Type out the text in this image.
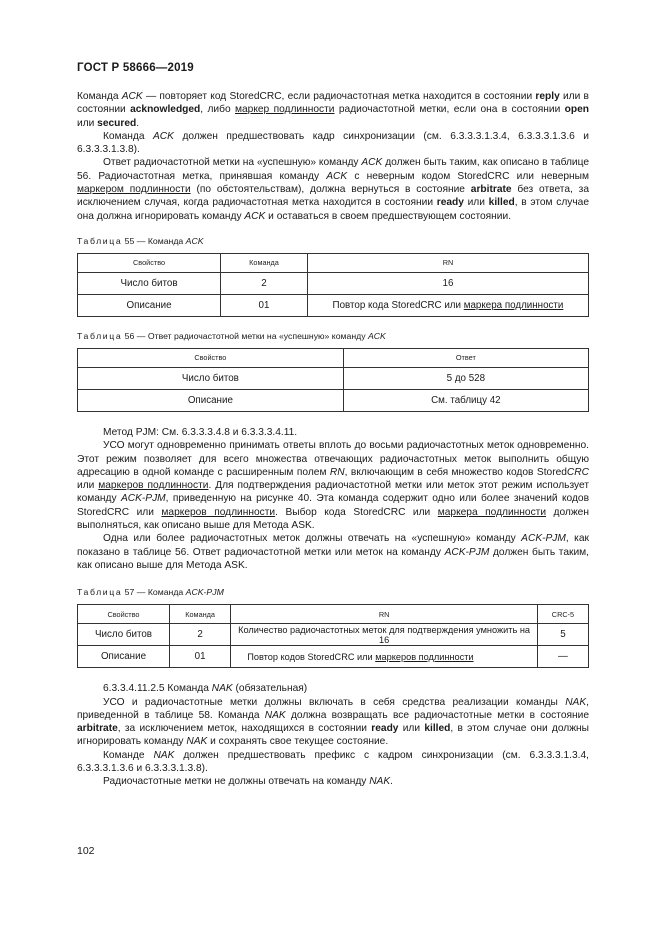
ГОСТ Р 58666—2019

Команда ACK — повторяет код StoredCRC, если радиочастотная метка находится в состоянии reply или в состоянии acknowledged, либо маркер подлинности радиочастотной метки, если она в состоянии open или secured.

Команда ACK должен предшествовать кадр синхронизации (см. 6.3.3.3.1.3.4, 6.3.3.3.1.3.6 и 6.3.3.3.1.3.8).

Ответ радиочастотной метки на «успешную» команду ACK должен быть таким, как описано в таблице 56. Радиочастотная метка, принявшая команду ACK с неверным кодом StoredCRC или неверным маркером подлинности (по обстоятельствам), должна вернуться в состояние arbitrate без ответа, за исключением случая, когда радиочастотная метка находится в состоянии ready или killed, в этом случае она должна игнорировать команду ACK и оставаться в своем предшествующем состоянии.

Таблица 55 — Команда ACK

Свойство	Команда	RN
Число битов	2	16
Описание	01	Повтор кода StoredCRC или маркера подлинности

Таблица 56 — Ответ радиочастотной метки на «успешную» команду ACK

Свойство	Ответ
Число битов	5 до 528
Описание	См. таблицу 42

Метод PJM: См. 6.3.3.3.4.8 и 6.3.3.3.4.11.

УСО могут одновременно принимать ответы вплоть до восьми радиочастотных меток одновременно. Этот режим позволяет для всего множества отвечающих радиочастотных меток выполнить общую адресацию в одной команде с расширенным полем RN, включающим в себя множество кодов StoredCRC или маркеров подлинности. Для подтверждения радиочастотной метки или меток этот режим использует команду ACK-PJM, приведенную на рисунке 40. Эта команда содержит одно или более значений кодов StoredCRC или маркеров подлинности. Выбор кода StoredCRC или маркера подлинности должен выполняться, как описано выше для Метода ASK.

Одна или более радиочастотных меток должны отвечать на «успешную» команду ACK-PJM, как показано в таблице 56. Ответ радиочастотной метки или меток на команду ACK-PJM должен быть таким, как описано выше для Метода ASK.

Таблица 57 — Команда ACK-PJM

Свойство	Команда	RN	CRC-5
Число битов	2	Количество радиочастотных меток для подтверждения умножить на 16	5
Описание	01	Повтор кодов StoredCRC или маркеров подлинности	—

6.3.3.4.11.2.5 Команда NAK (обязательная)

УСО и радиочастотные метки должны включать в себя средства реализации команды NAK, приведенной в таблице 58. Команда NAK должна возвращать все радиочастотные метки в состояние arbitrate, за исключением меток, находящихся в состоянии ready или killed, в этом случае они должны игнорировать команду NAK и сохранять свое текущее состояние.

Команде NAK должен предшествовать префикс с кадром синхронизации (см. 6.3.3.3.1.3.4, 6.3.3.3.1.3.6 и 6.3.3.3.1.3.8).

Радиочастотные метки не должны отвечать на команду NAK.

102
